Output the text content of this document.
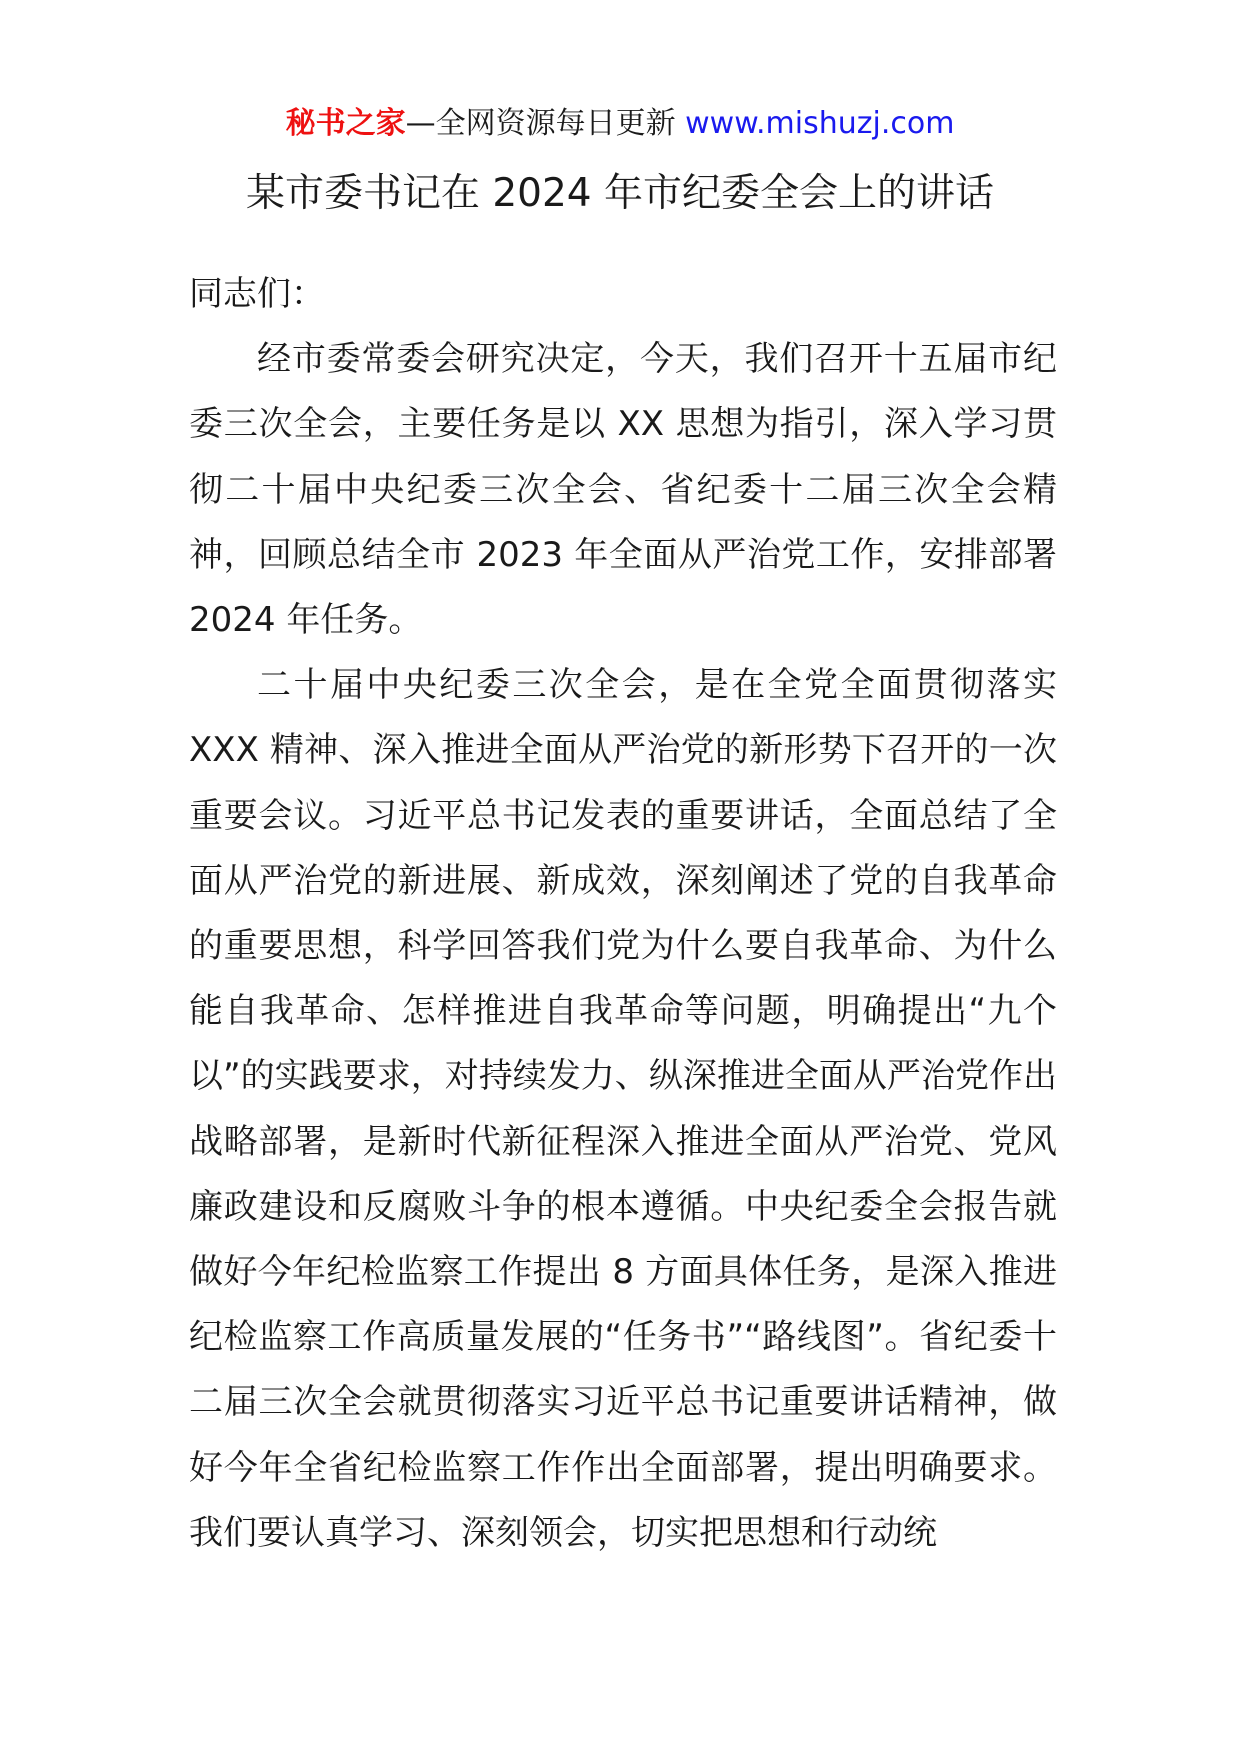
秘书之家—全网资源每日更新 www.mishuzj.com
某市委书记在 2024 年市纪委全会上的讲话

同志们：

经市委常委会研究决定，今天，我们召开十五届市纪委三次全会，主要任务是以 XX 思想为指引，深入学习贯彻二十届中央纪委三次全会、省纪委十二届三次全会精神，回顾总结全市 2023 年全面从严治党工作，安排部署 2024 年任务。

二十届中央纪委三次全会，是在全党全面贯彻落实 XXX 精神、深入推进全面从严治党的新形势下召开的一次重要会议。习近平总书记发表的重要讲话，全面总结了全面从严治党的新进展、新成效，深刻阐述了党的自我革命的重要思想，科学回答我们党为什么要自我革命、为什么能自我革命、怎样推进自我革命等问题，明确提出“九个以”的实践要求，对持续发力、纵深推进全面从严治党作出战略部署，是新时代新征程深入推进全面从严治党、党风廉政建设和反腐败斗争的根本遵循。中央纪委全会报告就做好今年纪检监察工作提出 8 方面具体任务，是深入推进纪检监察工作高质量发展的“任务书”“路线图”。省纪委十二届三次全会就贯彻落实习近平总书记重要讲话精神，做好今年全省纪检监察工作作出全面部署，提出明确要求。我们要认真学习、深刻领会，切实把思想和行动统
